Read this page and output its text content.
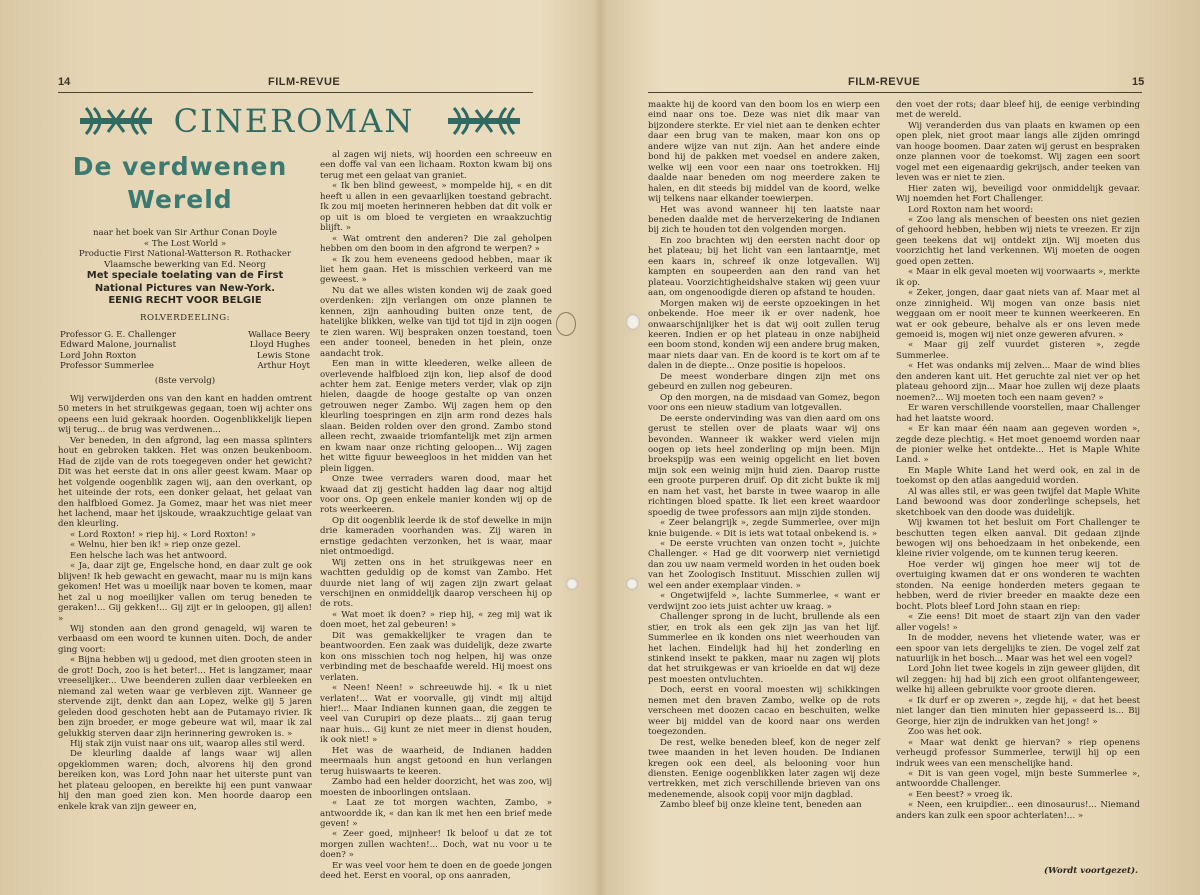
14	FILM-REVUE
CINEROMAN
De verdwenen
Wereld
naar het boek van Sir Arthur Conan Doyle
« The Lost World »
Productie First National-Watterson R. Rothacker
Vlaamsche bewerking van Ed. Neorg
Met speciale toelating van de First
National Pictures van New-York.
EENIG RECHT VOOR BELGIE
ROLVERDEELING:
Professor G. E. Challenger	Wallace Beery
Edward Malone, journalist	Lloyd Hughes
Lord John Roxton	Lewis Stone
Professor Summerlee	Arthur Hoyt
(8ste vervolg)

Wij verwijderden ons van den kant en hadden omtrent 50 meters in het struikgewas gegaan, toen wij achter ons opeens een luid gekraak hoorden. Oogenblikkelijk liepen wij terug... de brug was verdwenen...

Ver beneden, in den afgrond, lag een massa splinters hout en gebroken takken. Het was onzen beukenboom. Had de zijde van de rots toegegeven onder het gewicht? Dit was het eerste dat in ons aller geest kwam. Maar op het volgende oogenblik zagen wij, aan den overkant, op het uiteinde der rots, een donker gelaat, het gelaat van den halfbloed Gomez. Ja Gomez, maar het was niet meer het lachend, maar het ijskoude, wraakzuchtige gelaat van den kleurling.

« Lord Roxton! » riep hij. « Lord Roxton! »

« Welnu, hier ben ik! » riep onze gezel.

Een helsche lach was het antwoord.

« Ja, daar zijt ge, Engelsche hond, en daar zult ge ook blijven! Ik heb gewacht en gewacht, maar nu is mijn kans gekomen! Het was u moeilijk naar boven te komen, maar het zal u nog moeilijker vallen om terug beneden te geraken!... Gij gekken!... Gij zijt er in geloopen, gij allen! »

Wij stonden aan den grond genageld, wij waren te verbaasd om een woord te kunnen uiten. Doch, de ander ging voort:

« Bijna hebben wij u gedood, met dien grooten steen in de grot! Doch, zoo is het beter!... Het is langzamer, maar vreeselijker... Uwe beenderen zullen daar verbleeken en niemand zal weten waar ge verbleven zijt. Wanneer ge stervende zijt, denkt dan aan Lopez, welke gij 5 jaren geleden dood geschoten hebt aan de Putamayo rivier. Ik ben zijn broeder, er moge gebeure wat wil, maar ik zal gelukkig sterven daar zijn herinnering gewroken is. »

Hij stak zijn vuist naar ons uit, waarop alles stil werd.

De kleurling daalde af langs waar wij allen opgeklommen waren; doch, alvorens hij den grond bereiken kon, was Lord John naar het uiterste punt van het plateau geloopen, en bereikte hij een punt vanwaar hij den man goed zien kon. Men hoorde daarop een enkele krak van zijn geweer en,

al zagen wij niets, wij hoorden een schreeuw en een doffe val van een lichaam. Roxton kwam bij ons terug met een gelaat van graniet.

« Ik ben blind geweest, » mompelde hij, « en dit heeft u allen in een gevaarlijken toestand gebracht. Ik zou mij moeten herinneren hebben dat dit volk er op uit is om bloed te vergieten en wraakzuchtig blijft. »

« Wat omtrent den anderen? Die zal geholpen hebben om den boom in den afgrond te werpen? »

« Ik zou hem eveneens gedood hebben, maar ik liet hem gaan. Het is misschien verkeerd van me geweest. »

Nu dat we alles wisten konden wij de zaak goed overdenken: zijn verlangen om onze plannen te kennen, zijn aanhouding buiten onze tent, de hatelijke blikken, welke van tijd tot tijd in zijn oogen te zien waren. Wij bespraken onzen toestand, toen een ander tooneel, beneden in het plein, onze aandacht trok.

Een man in witte kleederen, welke alleen de overlevende halfbloed zijn kon, liep alsof de dood achter hem zat. Eenige meters verder, vlak op zijn hielen, daagde de hooge gestalte op van onzen getrouwen neger Zambo. Wij zagen hem op den kleurling toespringen en zijn arm rond dezes hals slaan. Beiden rolden over den grond. Zambo stond alleen recht, zwaaide triomfantelijk met zijn armen en kwam naar onze richting geloopen... Wij zagen het witte figuur beweegloos in het midden van het plein liggen.

Onze twee verraders waren dood, maar het kwaad dat zij gesticht hadden lag daar nog altijd voor ons. Op geen enkele manier konden wij op de rots weerkeeren.

Op dit oogenblik leerde ik de stof dewelke in mijn drie kameraden voorhanden was. Zij waren in ernstige gedachten verzonken, het is waar, maar niet ontmoedigd.

Wij zetten ons in het struikgewas neer en wachtten geduldig op de komst van Zambo. Het duurde niet lang of wij zagen zijn zwart gelaat verschijnen en onmiddelijk daarop verscheen hij op de rots.

« Wat moet ik doen? » riep hij, « zeg mij wat ik doen moet, het zal gebeuren! »

Dit was gemakkelijker te vragen dan te beantwoorden. Een zaak was duidelijk, deze zwarte kon ons misschien toch nog helpen, hij was onze verbinding met de beschaafde wereld. Hij moest ons verlaten.

« Neen! Neen! » schreeuwde hij. « Ik u niet verlaten!... Wat er voorvalle, gij vindt mij altijd hier!... Maar Indianen kunnen gaan, die zeggen te veel van Curupiri op deze plaats... zij gaan terug naar huis... Gij kunt ze niet meer in dienst houden, ik ook niet! »

Het was de waarheid, de Indianen hadden meermaals hun angst getoond en hun verlangen terug huiswaarts te keeren.

Zambo had een helder doorzicht, het was zoo, wij moesten de inboorlingen ontslaan.

« Laat ze tot morgen wachten, Zambo, » antwoordde ik, « dan kan ik met hen een brief mede geven! »

« Zeer goed, mijnheer! Ik beloof u dat ze tot morgen zullen wachten!... Doch, wat nu voor u te doen? »

Er was veel voor hem te doen en de goede jongen deed het. Eerst en vooral, op ons aanraden,

FILM-REVUE	15

maakte hij de koord van den boom los en wierp een eind naar ons toe. Deze was niet dik maar van bijzondere sterkte. Er viel niet aan te denken echter daar een brug van te maken, maar kon ons op andere wijze van nut zijn. Aan het andere einde bond hij de pakken met voedsel en andere zaken, welke wij een voor een naar ons toetrokken. Hij daalde naar beneden om nog meerdere zaken te halen, en dit steeds bij middel van de koord, welke wij telkens naar elkander toewierpen.

Het was avond wanneer hij ten laatste naar beneden daalde met de herverzekering de Indianen bij zich te houden tot den volgenden morgen.

En zoo brachten wij den eersten nacht door op het plateau; bij het licht van een lantaarntje, met een kaars in, schreef ik onze lotgevallen. Wij kampten en soupeerden aan den rand van het plateau. Voorzichtigheidshalve staken wij geen vuur aan, om ongenoodigde dieren op afstand te houden.

Morgen maken wij de eerste opzoekingen in het onbekende. Hoe meer ik er over nadenk, hoe onwaarschijnlijker het is dat wij ooit zullen terug keeren. Indien er op het plateau in onze nabijheid een boom stond, konden wij een andere brug maken, maar niets daar van. En de koord is te kort om af te dalen in de diepte... Onze positie is hopeloos.

De meest wonderbare dingen zijn met ons gebeurd en zullen nog gebeuren.

Op den morgen, na de misdaad van Gomez, begon voor ons een nieuw stadium van lotgevallen.

De eerste ondervinding was van dien aard om ons gerust te stellen over de plaats waar wij ons bevonden. Wanneer ik wakker werd vielen mijn oogen op iets heel zonderling op mijn been. Mijn broekspijp was een weinig opgelicht en liet boven mijn sok een weinig mijn huid zien. Daarop rustte een groote purperen druif. Op dit zicht bukte ik mij en nam het vast, het barste in twee waarop in alle richtingen bloed spatte. Ik liet een kreet waardoor spoedig de twee professors aan mijn zijde stonden.

« Zeer belangrijk », zegde Summerlee, over mijn knie buigende. « Dit is iets wat totaal onbekend is. »

« De eerste vruchten van onzen tocht », juichte Challenger. « Had ge dit voorwerp niet vernietigd dan zou uw naam vermeld worden in het ouden boek van het Zoologisch Instituut. Misschien zullen wij wel een ander exemplaar vinden. »

« Ongetwijfeld », lachte Summerlee, « want er verdwijnt zoo iets juist achter uw kraag. »

Challenger sprong in de lucht, brullende als een stier, en trok als een gek zijn jas van het lijf. Summerlee en ik konden ons niet weerhouden van het lachen. Eindelijk had hij het zonderling en stinkend insekt te pakken, maar nu zagen wij plots dat het struikgewas er van krioelde en dat wij deze pest moesten ontvluchten.

Doch, eerst en vooral moesten wij schikkingen nemen met den braven Zambo, welke op de rots verscheen met doozen cacao en beschuiten, welke weer bij middel van de koord naar ons werden toegezonden.

De rest, welke beneden bleef, kon de neger zelf twee maanden in het leven houden. De Indianen kregen ook een deel, als belooning voor hun diensten. Eenige oogenblikken later zagen wij deze vertrekken, met zich verschillende brieven van ons medenemende, alsook copij voor mijn dagblad.

Zambo bleef bij onze kleine tent, beneden aan

den voet der rots; daar bleef hij, de eenige verbinding met de wereld.

Wij veranderden dus van plaats en kwamen op een open plek, niet groot maar langs alle zijden omringd van hooge boomen. Daar zaten wij gerust en bespraken onze plannen voor de toekomst. Wij zagen een soort vogel met een eigenaardig gekrijsch, ander teeken van leven was er niet te zien.

Hier zaten wij, beveiligd voor onmiddelijk gevaar. Wij noemden het Fort Challenger.

Lord Roxton nam het woord:

« Zoo lang als menschen of beesten ons niet gezien of gehoord hebben, hebben wij niets te vreezen. Er zijn geen teekens dat wij ontdekt zijn. Wij moeten dus voorzichtig het land verkennen. Wij moeten de oogen goed open zetten.

« Maar in elk geval moeten wij voorwaarts », merkte ik op.

« Zeker, jongen, daar gaat niets van af. Maar met al onze zinnigheid. Wij mogen van onze basis niet weggaan om er nooit meer te kunnen weerkeeren. En wat er ook gebeure, behalve als er ons leven mede gemoeid is, mogen wij niet onze geweren afvuren. »

« Maar gij zelf vuurdet gisteren », zegde Summerlee.

« Het was ondanks mij zelven... Maar de wind blies den anderen kant uit. Het geruchte zal niet ver op het plateau gehoord zijn... Maar hoe zullen wij deze plaats noemen?... Wij moeten toch een naam geven? »

Er waren verschillende voorstellen, maar Challenger had het laatste woord.

« Er kan maar één naam aan gegeven worden », zegde deze plechtig. « Het moet genoemd worden naar de pionier welke het ontdekte... Het is Maple White Land. »

En Maple White Land het werd ook, en zal in de toekomst op den atlas aangeduid worden.

Al was alles stil, er was geen twijfel dat Maple White Land bewoond was door zonderlinge schepsels, het sketchboek van den doode was duidelijk.

Wij kwamen tot het besluit om Fort Challenger te beschutten tegen elken aanval. Dit gedaan zijnde bewogen wij ons behoedzaam in het onbekende, een kleine rivier volgende, om te kunnen terug keeren.

Hoe verder wij gingen hoe meer wij tot de overtuiging kwamen dat er ons wonderen te wachten stonden. Na eenige honderden meters gegaan te hebben, werd de rivier breeder en maakte deze een bocht. Plots bleef Lord John staan en riep:

« Zie eens! Dit moet de staart zijn van den vader aller vogels! »

In de modder, nevens het vlietende water, was er een spoor van iets dergelijks te zien. De vogel zelf zat natuurlijk in het bosch... Maar was het wel een vogel?

Lord John liet twee kogels in zijn geweer glijden, dit wil zeggen: hij had bij zich een groot olifantengeweer, welke hij alleen gebruikte voor groote dieren.

« Ik durf er op zweren », zegde hij, « dat het beest niet langer dan tien minuten hier gepasseerd is... Bij George, hier zijn de indrukken van het jong! »

Zoo was het ook.

« Maar wat denkt ge hiervan? » riep openens verheugd professor Summerlee, terwijl hij op een indruk wees van een menschelijke hand.

« Dit is van geen vogel, mijn beste Summerlee », antwoordde Challenger.

« Een beest? » vroeg ik.

« Neen, een kruipdier... een dinosaurus!... Niemand anders kan zulk een spoor achterlaten!... »

(Wordt voortgezet).
